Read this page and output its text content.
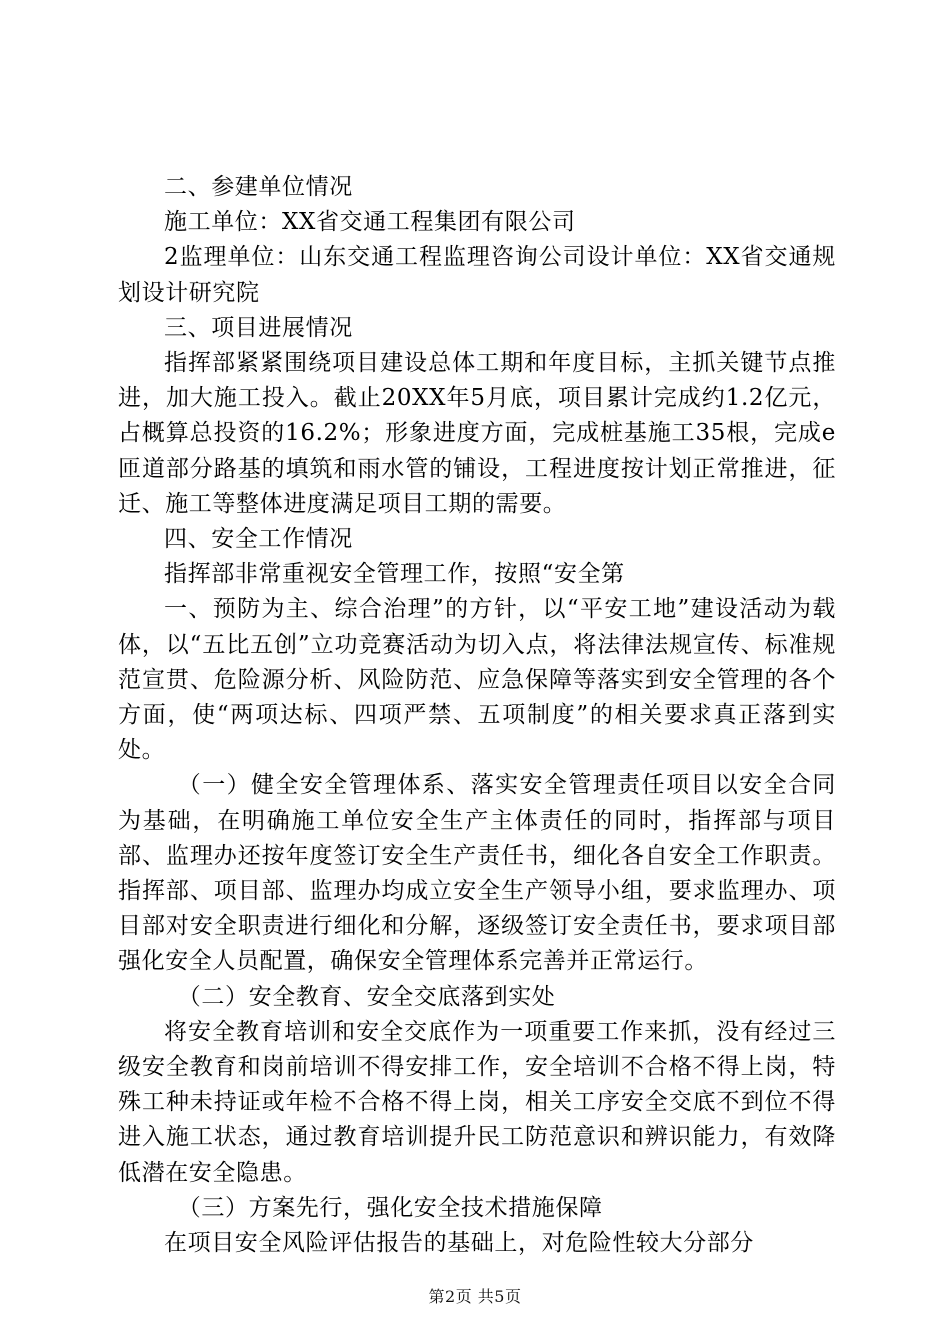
二、参建单位情况

施工单位：XX省交通工程集团有限公司

2监理单位：山东交通工程监理咨询公司设计单位：XX省交通规划设计研究院

三、项目进展情况

指挥部紧紧围绕项目建设总体工期和年度目标，主抓关键节点推进，加大施工投入。截止20XX年5月底，项目累计完成约1.2亿元，占概算总投资的16.2%；形象进度方面，完成桩基施工35根，完成e匝道部分路基的填筑和雨水管的铺设，工程进度按计划正常推进，征迁、施工等整体进度满足项目工期的需要。

四、安全工作情况

指挥部非常重视安全管理工作，按照“安全第

一、预防为主、综合治理”的方针，以“平安工地”建设活动为载体，以“五比五创”立功竞赛活动为切入点，将法律法规宣传、标准规范宣贯、危险源分析、风险防范、应急保障等落实到安全管理的各个方面，使“两项达标、四项严禁、五项制度”的相关要求真正落到实处。

（一）健全安全管理体系、落实安全管理责任项目以安全合同为基础，在明确施工单位安全生产主体责任的同时，指挥部与项目部、监理办还按年度签订安全生产责任书，细化各自安全工作职责。指挥部、项目部、监理办均成立安全生产领导小组，要求监理办、项目部对安全职责进行细化和分解，逐级签订安全责任书，要求项目部强化安全人员配置，确保安全管理体系完善并正常运行。

（二）安全教育、安全交底落到实处

将安全教育培训和安全交底作为一项重要工作来抓，没有经过三级安全教育和岗前培训不得安排工作，安全培训不合格不得上岗，特殊工种未持证或年检不合格不得上岗，相关工序安全交底不到位不得进入施工状态，通过教育培训提升民工防范意识和辨识能力，有效降低潜在安全隐患。

（三）方案先行，强化安全技术措施保障

在项目安全风险评估报告的基础上，对危险性较大分部分

第2页 共5页
